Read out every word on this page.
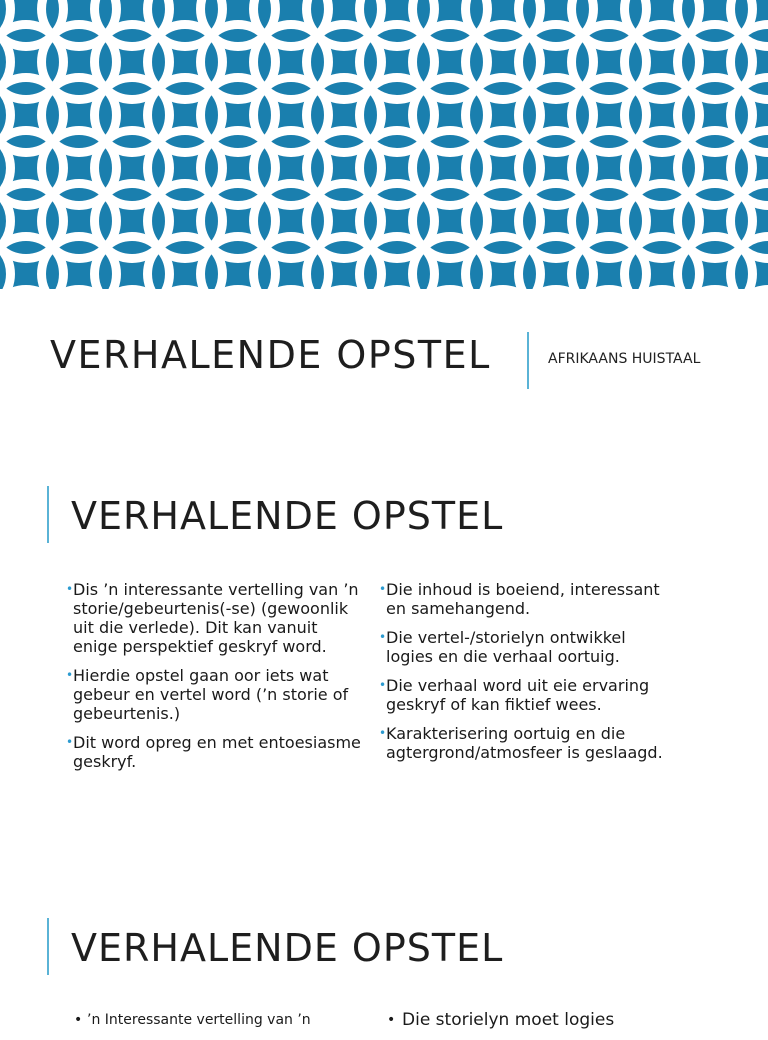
VERHALENDE OPSTEL	AFRIKAANS HUISTAAL
VERHALENDE OPSTEL
• Dis ’n interessante vertelling van ’n storie/gebeurtenis(-se) (gewoonlik uit die verlede). Dit kan vanuit enige perspektief geskryf word.
• Hierdie opstel gaan oor iets wat gebeur en vertel word (’n storie of gebeurtenis.)
• Dit word opreg en met entoesiasme geskryf.
• Die inhoud is boeiend, interessant en samehangend.
• Die vertel-/storielyn ontwikkel logies en die verhaal oortuig.
• Die verhaal word uit eie ervaring geskryf of kan fiktief wees.
• Karakterisering oortuig en die agtergrond/atmosfeer is geslaagd.
VERHALENDE OPSTEL
• ’n Interessante vertelling van ’n	• Die storielyn moet logies
